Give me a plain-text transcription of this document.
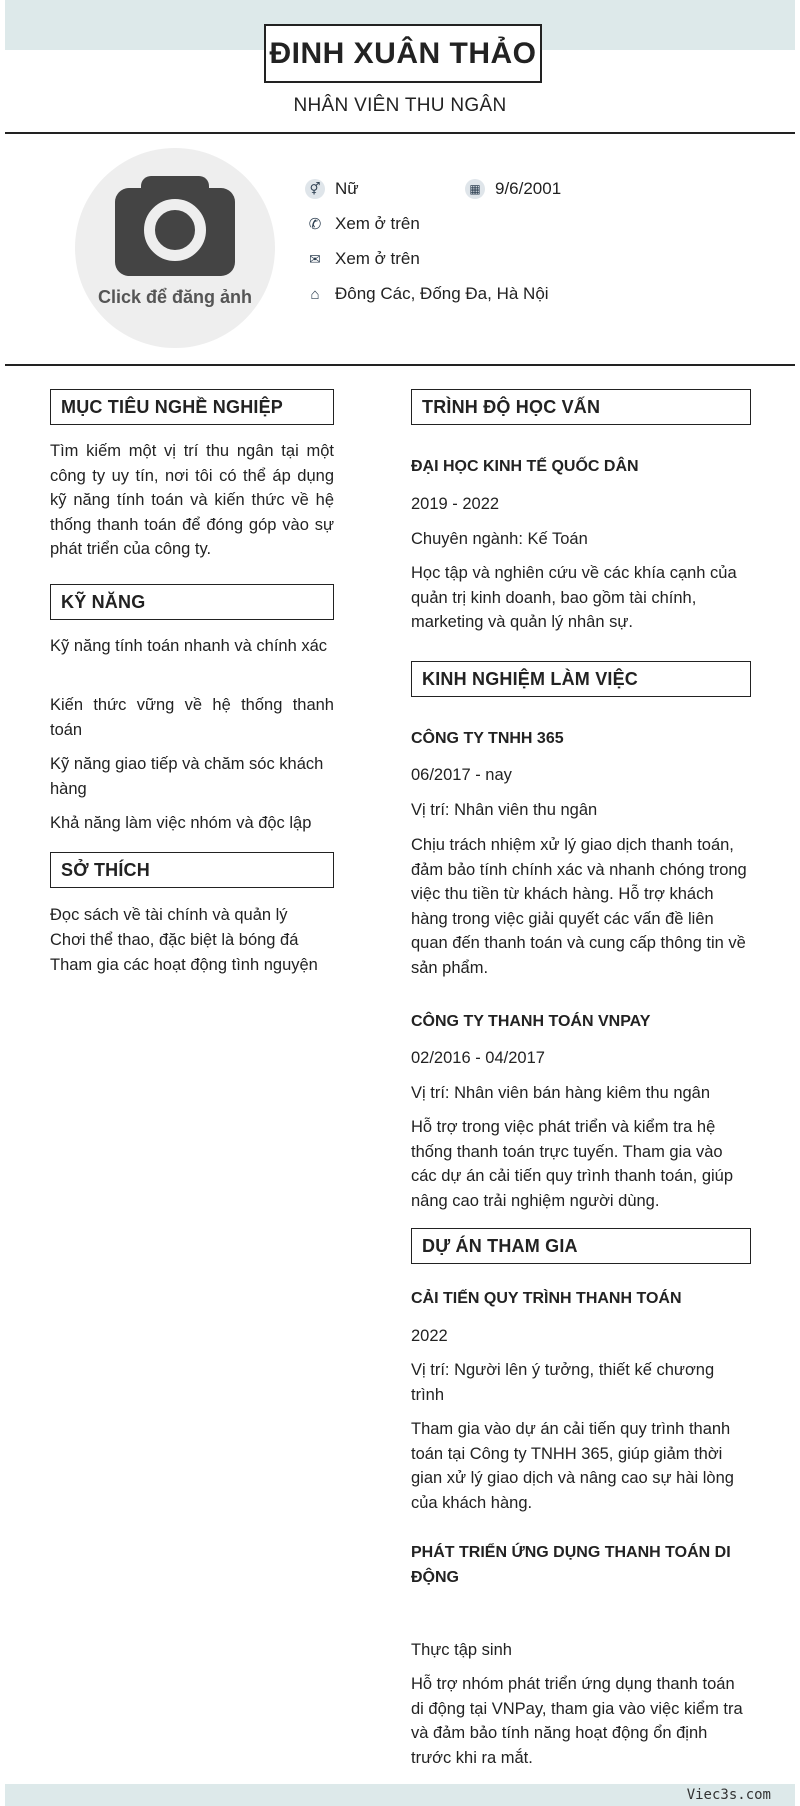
ĐINH XUÂN THẢO
NHÂN VIÊN THU NGÂN
Click để đăng ảnh
⚥ Nữ	▦ 9/6/2001
✆ Xem ở trên
✉ Xem ở trên
⌂ Đông Các, Đống Đa, Hà Nội
MỤC TIÊU NGHỀ NGHIỆP
Tìm kiếm một vị trí thu ngân tại một công ty uy tín, nơi tôi có thể áp dụng kỹ năng tính toán và kiến thức về hệ thống thanh toán để đóng góp vào sự phát triển của công ty.
KỸ NĂNG
Kỹ năng tính toán nhanh và chính xác
Kiến thức vững về hệ thống thanh toán
Kỹ năng giao tiếp và chăm sóc khách hàng
Khả năng làm việc nhóm và độc lập
SỞ THÍCH
Đọc sách về tài chính và quản lý
Chơi thể thao, đặc biệt là bóng đá
Tham gia các hoạt động tình nguyện
TRÌNH ĐỘ HỌC VẤN
ĐẠI HỌC KINH TẾ QUỐC DÂN
2019 - 2022
Chuyên ngành: Kế Toán
Học tập và nghiên cứu về các khía cạnh của quản trị kinh doanh, bao gồm tài chính, marketing và quản lý nhân sự.
KINH NGHIỆM LÀM VIỆC
CÔNG TY TNHH 365
06/2017 - nay
Vị trí: Nhân viên thu ngân
Chịu trách nhiệm xử lý giao dịch thanh toán, đảm bảo tính chính xác và nhanh chóng trong việc thu tiền từ khách hàng. Hỗ trợ khách hàng trong việc giải quyết các vấn đề liên quan đến thanh toán và cung cấp thông tin về sản phẩm.
CÔNG TY THANH TOÁN VNPAY
02/2016 - 04/2017
Vị trí: Nhân viên bán hàng kiêm thu ngân
Hỗ trợ trong việc phát triển và kiểm tra hệ thống thanh toán trực tuyến. Tham gia vào các dự án cải tiến quy trình thanh toán, giúp nâng cao trải nghiệm người dùng.
DỰ ÁN THAM GIA
CẢI TIẾN QUY TRÌNH THANH TOÁN
2022
Vị trí: Người lên ý tưởng, thiết kế chương trình
Tham gia vào dự án cải tiến quy trình thanh toán tại Công ty TNHH 365, giúp giảm thời gian xử lý giao dịch và nâng cao sự hài lòng của khách hàng.
PHÁT TRIỂN ỨNG DỤNG THANH TOÁN DI ĐỘNG
Thực tập sinh
Hỗ trợ nhóm phát triển ứng dụng thanh toán di động tại VNPay, tham gia vào việc kiểm tra và đảm bảo tính năng hoạt động ổn định trước khi ra mắt.
Viec3s.com
